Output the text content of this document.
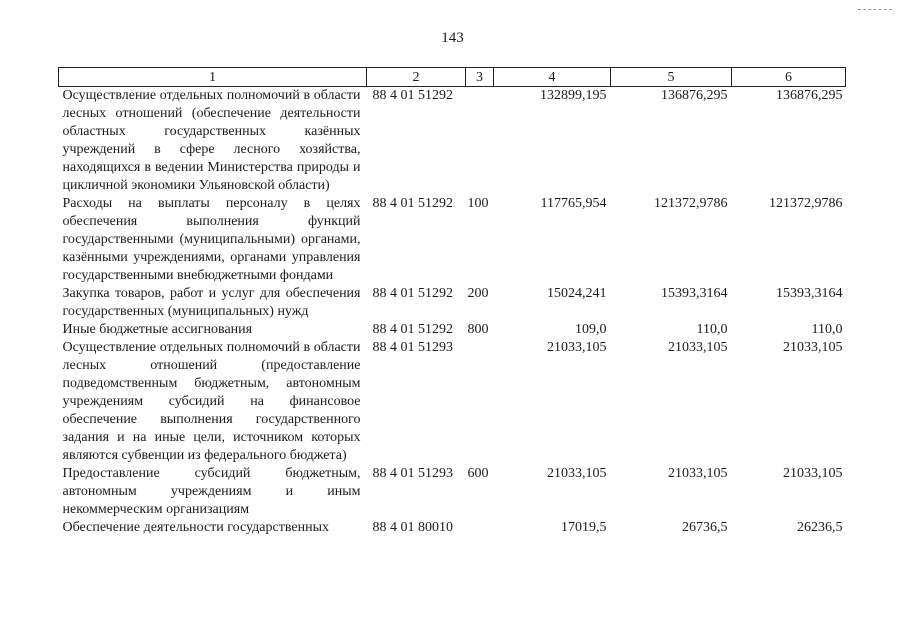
143
1	2	3	4	5	6
Осуществление отдельных полномочий в области лесных отношений (обеспечение деятельности областных государственных казённых учреждений в сфере лесного хозяйства, находящихся в ведении Министерства природы и цикличной экономики Ульяновской области)	88 4 01 51292		132899,195	136876,295	136876,295
Расходы на выплаты персоналу в целях обеспечения выполнения функций государственными (муниципальными) органами, казёнными учреждениями, органами управления государственными внебюджетными фондами	88 4 01 51292	100	117765,954	121372,9786	121372,9786
Закупка товаров, работ и услуг для обеспечения государственных (муниципальных) нужд	88 4 01 51292	200	15024,241	15393,3164	15393,3164
Иные бюджетные ассигнования	88 4 01 51292	800	109,0	110,0	110,0
Осуществление отдельных полномочий в области лесных отношений (предоставление подведомственным бюджетным, автономным учреждениям субсидий на финансовое обеспечение выполнения государственного задания и на иные цели, источником которых являются субвенции из федерального бюджета)	88 4 01 51293		21033,105	21033,105	21033,105
Предоставление субсидий бюджетным, автономным учреждениям и иным некоммерческим организациям	88 4 01 51293	600	21033,105	21033,105	21033,105
Обеспечение деятельности государственных	88 4 01 80010		17019,5	26736,5	26236,5
